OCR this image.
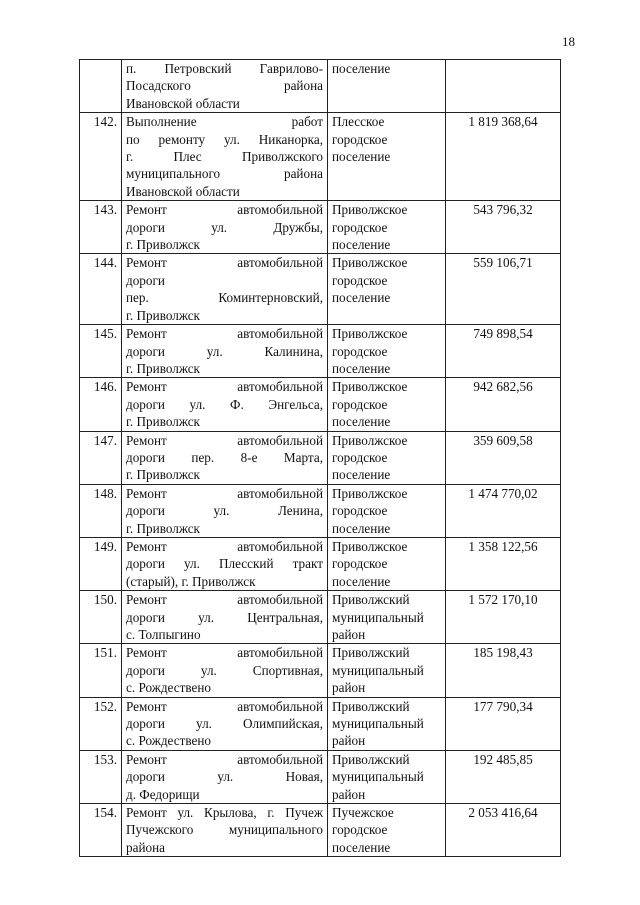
18

	п. Петровский Гаврилово-
Посадского района
Ивановской области	поселение	

142.	Выполнение работ
по ремонту ул. Никанорка,
г. Плес Приволжского
муниципального района
Ивановской области	Плесское
городское
поселение	1 819 368,64
143.	Ремонт автомобильной
дороги ул. Дружбы,
г. Приволжск	Приволжское
городское
поселение	543 796,32
144.	Ремонт автомобильной
дороги
пер. Коминтерновский,
г. Приволжск	Приволжское
городское
поселение	559 106,71
145.	Ремонт автомобильной
дороги ул. Калинина,
г. Приволжск	Приволжское
городское
поселение	749 898,54
146.	Ремонт автомобильной
дороги ул. Ф. Энгельса,
г. Приволжск	Приволжское
городское
поселение	942 682,56
147.	Ремонт автомобильной
дороги пер. 8-е Марта,
г. Приволжск	Приволжское
городское
поселение	359 609,58
148.	Ремонт автомобильной
дороги ул. Ленина,
г. Приволжск	Приволжское
городское
поселение	1 474 770,02
149.	Ремонт автомобильной
дороги ул. Плесский тракт
(старый), г. Приволжск	Приволжское
городское
поселение	1 358 122,56
150.	Ремонт автомобильной
дороги ул. Центральная,
с. Толпыгино	Приволжский
муниципальный
район	1 572 170,10
151.	Ремонт автомобильной
дороги ул. Спортивная,
с. Рождествено	Приволжский
муниципальный
район	185 198,43
152.	Ремонт автомобильной
дороги ул. Олимпийская,
с. Рождествено	Приволжский
муниципальный
район	177 790,34
153.	Ремонт автомобильной
дороги ул. Новая,
д. Федорищи	Приволжский
муниципальный
район	192 485,85
154.	Ремонт ул. Крылова, г. Пучеж
Пучежского муниципального
района	Пучежское
городское
поселение	2 053 416,64
